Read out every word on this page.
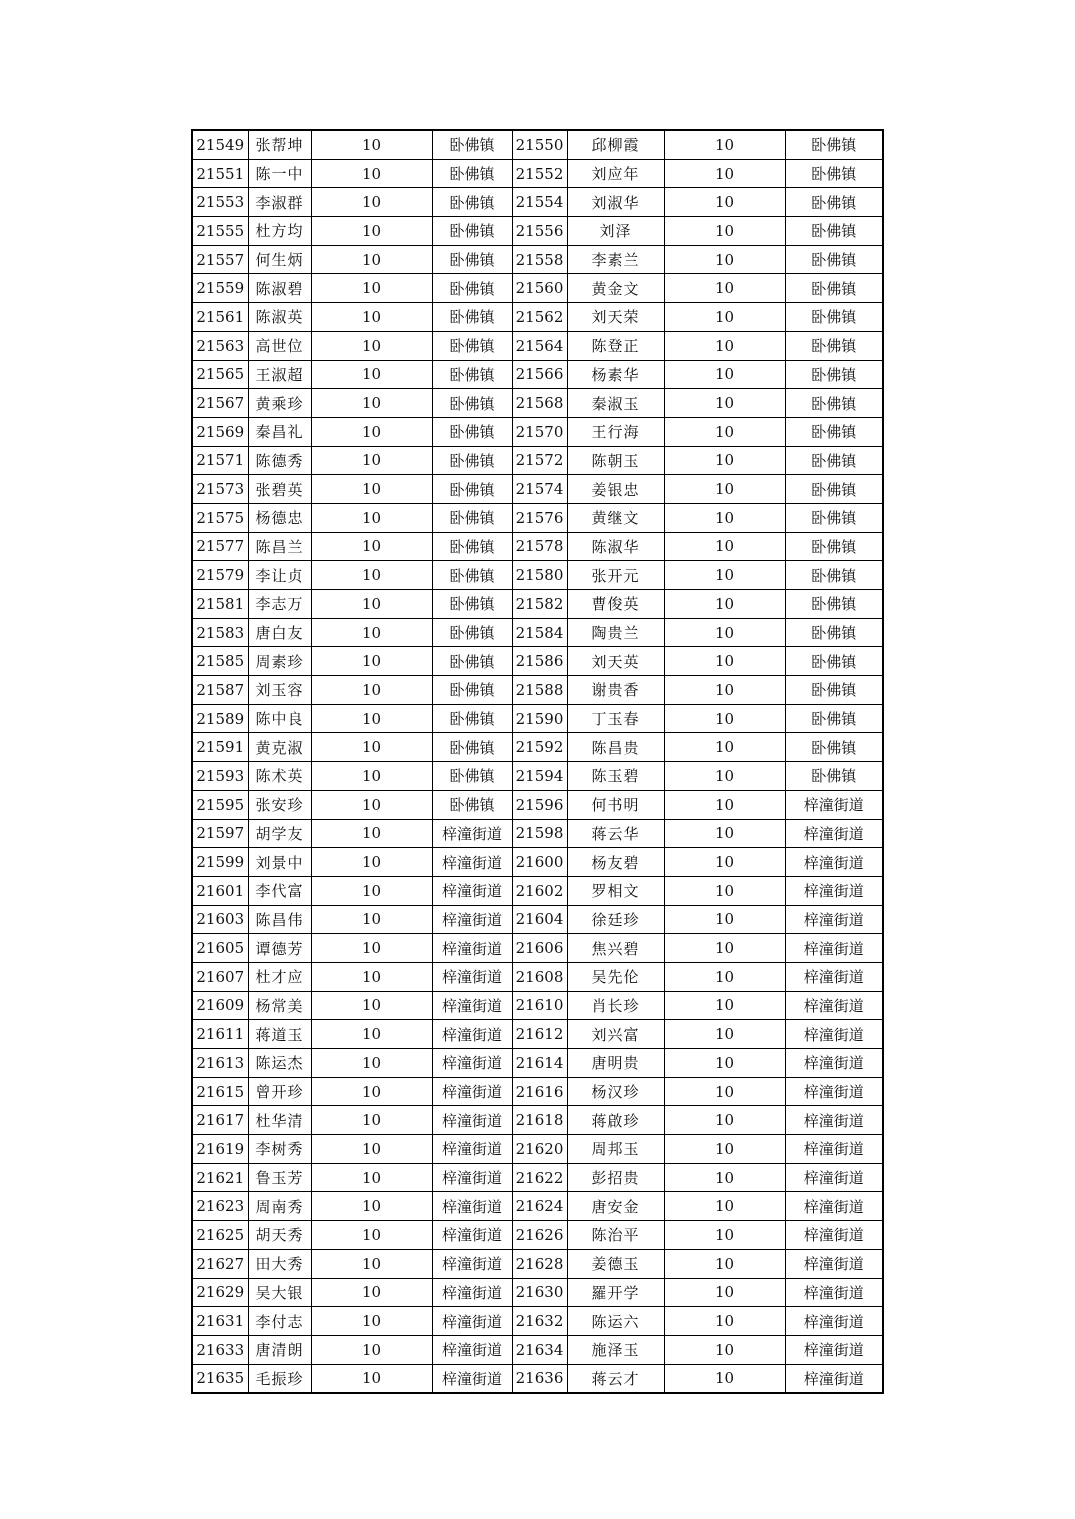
21549	张帮坤	10	卧佛镇	21550	邱柳霞	10	卧佛镇
21551	陈一中	10	卧佛镇	21552	刘应年	10	卧佛镇
21553	李淑群	10	卧佛镇	21554	刘淑华	10	卧佛镇
21555	杜方均	10	卧佛镇	21556	刘泽	10	卧佛镇
21557	何生炳	10	卧佛镇	21558	李素兰	10	卧佛镇
21559	陈淑碧	10	卧佛镇	21560	黄金文	10	卧佛镇
21561	陈淑英	10	卧佛镇	21562	刘天荣	10	卧佛镇
21563	高世位	10	卧佛镇	21564	陈登正	10	卧佛镇
21565	王淑超	10	卧佛镇	21566	杨素华	10	卧佛镇
21567	黄乘珍	10	卧佛镇	21568	秦淑玉	10	卧佛镇
21569	秦昌礼	10	卧佛镇	21570	王行海	10	卧佛镇
21571	陈德秀	10	卧佛镇	21572	陈朝玉	10	卧佛镇
21573	张碧英	10	卧佛镇	21574	姜银忠	10	卧佛镇
21575	杨德忠	10	卧佛镇	21576	黄继文	10	卧佛镇
21577	陈昌兰	10	卧佛镇	21578	陈淑华	10	卧佛镇
21579	李让贞	10	卧佛镇	21580	张开元	10	卧佛镇
21581	李志万	10	卧佛镇	21582	曹俊英	10	卧佛镇
21583	唐白友	10	卧佛镇	21584	陶贵兰	10	卧佛镇
21585	周素珍	10	卧佛镇	21586	刘天英	10	卧佛镇
21587	刘玉容	10	卧佛镇	21588	谢贵香	10	卧佛镇
21589	陈中良	10	卧佛镇	21590	丁玉春	10	卧佛镇
21591	黄克淑	10	卧佛镇	21592	陈昌贵	10	卧佛镇
21593	陈术英	10	卧佛镇	21594	陈玉碧	10	卧佛镇
21595	张安珍	10	卧佛镇	21596	何书明	10	梓潼街道
21597	胡学友	10	梓潼街道	21598	蒋云华	10	梓潼街道
21599	刘景中	10	梓潼街道	21600	杨友碧	10	梓潼街道
21601	李代富	10	梓潼街道	21602	罗相文	10	梓潼街道
21603	陈昌伟	10	梓潼街道	21604	徐廷珍	10	梓潼街道
21605	谭德芳	10	梓潼街道	21606	焦兴碧	10	梓潼街道
21607	杜才应	10	梓潼街道	21608	吴先伦	10	梓潼街道
21609	杨常美	10	梓潼街道	21610	肖长珍	10	梓潼街道
21611	蒋道玉	10	梓潼街道	21612	刘兴富	10	梓潼街道
21613	陈运杰	10	梓潼街道	21614	唐明贵	10	梓潼街道
21615	曾开珍	10	梓潼街道	21616	杨汉珍	10	梓潼街道
21617	杜华清	10	梓潼街道	21618	蒋啟珍	10	梓潼街道
21619	李树秀	10	梓潼街道	21620	周邦玉	10	梓潼街道
21621	鲁玉芳	10	梓潼街道	21622	彭招贵	10	梓潼街道
21623	周南秀	10	梓潼街道	21624	唐安金	10	梓潼街道
21625	胡天秀	10	梓潼街道	21626	陈治平	10	梓潼街道
21627	田大秀	10	梓潼街道	21628	姜德玉	10	梓潼街道
21629	吴大银	10	梓潼街道	21630	羅开学	10	梓潼街道
21631	李付志	10	梓潼街道	21632	陈运六	10	梓潼街道
21633	唐清朗	10	梓潼街道	21634	施泽玉	10	梓潼街道
21635	毛振珍	10	梓潼街道	21636	蒋云才	10	梓潼街道
